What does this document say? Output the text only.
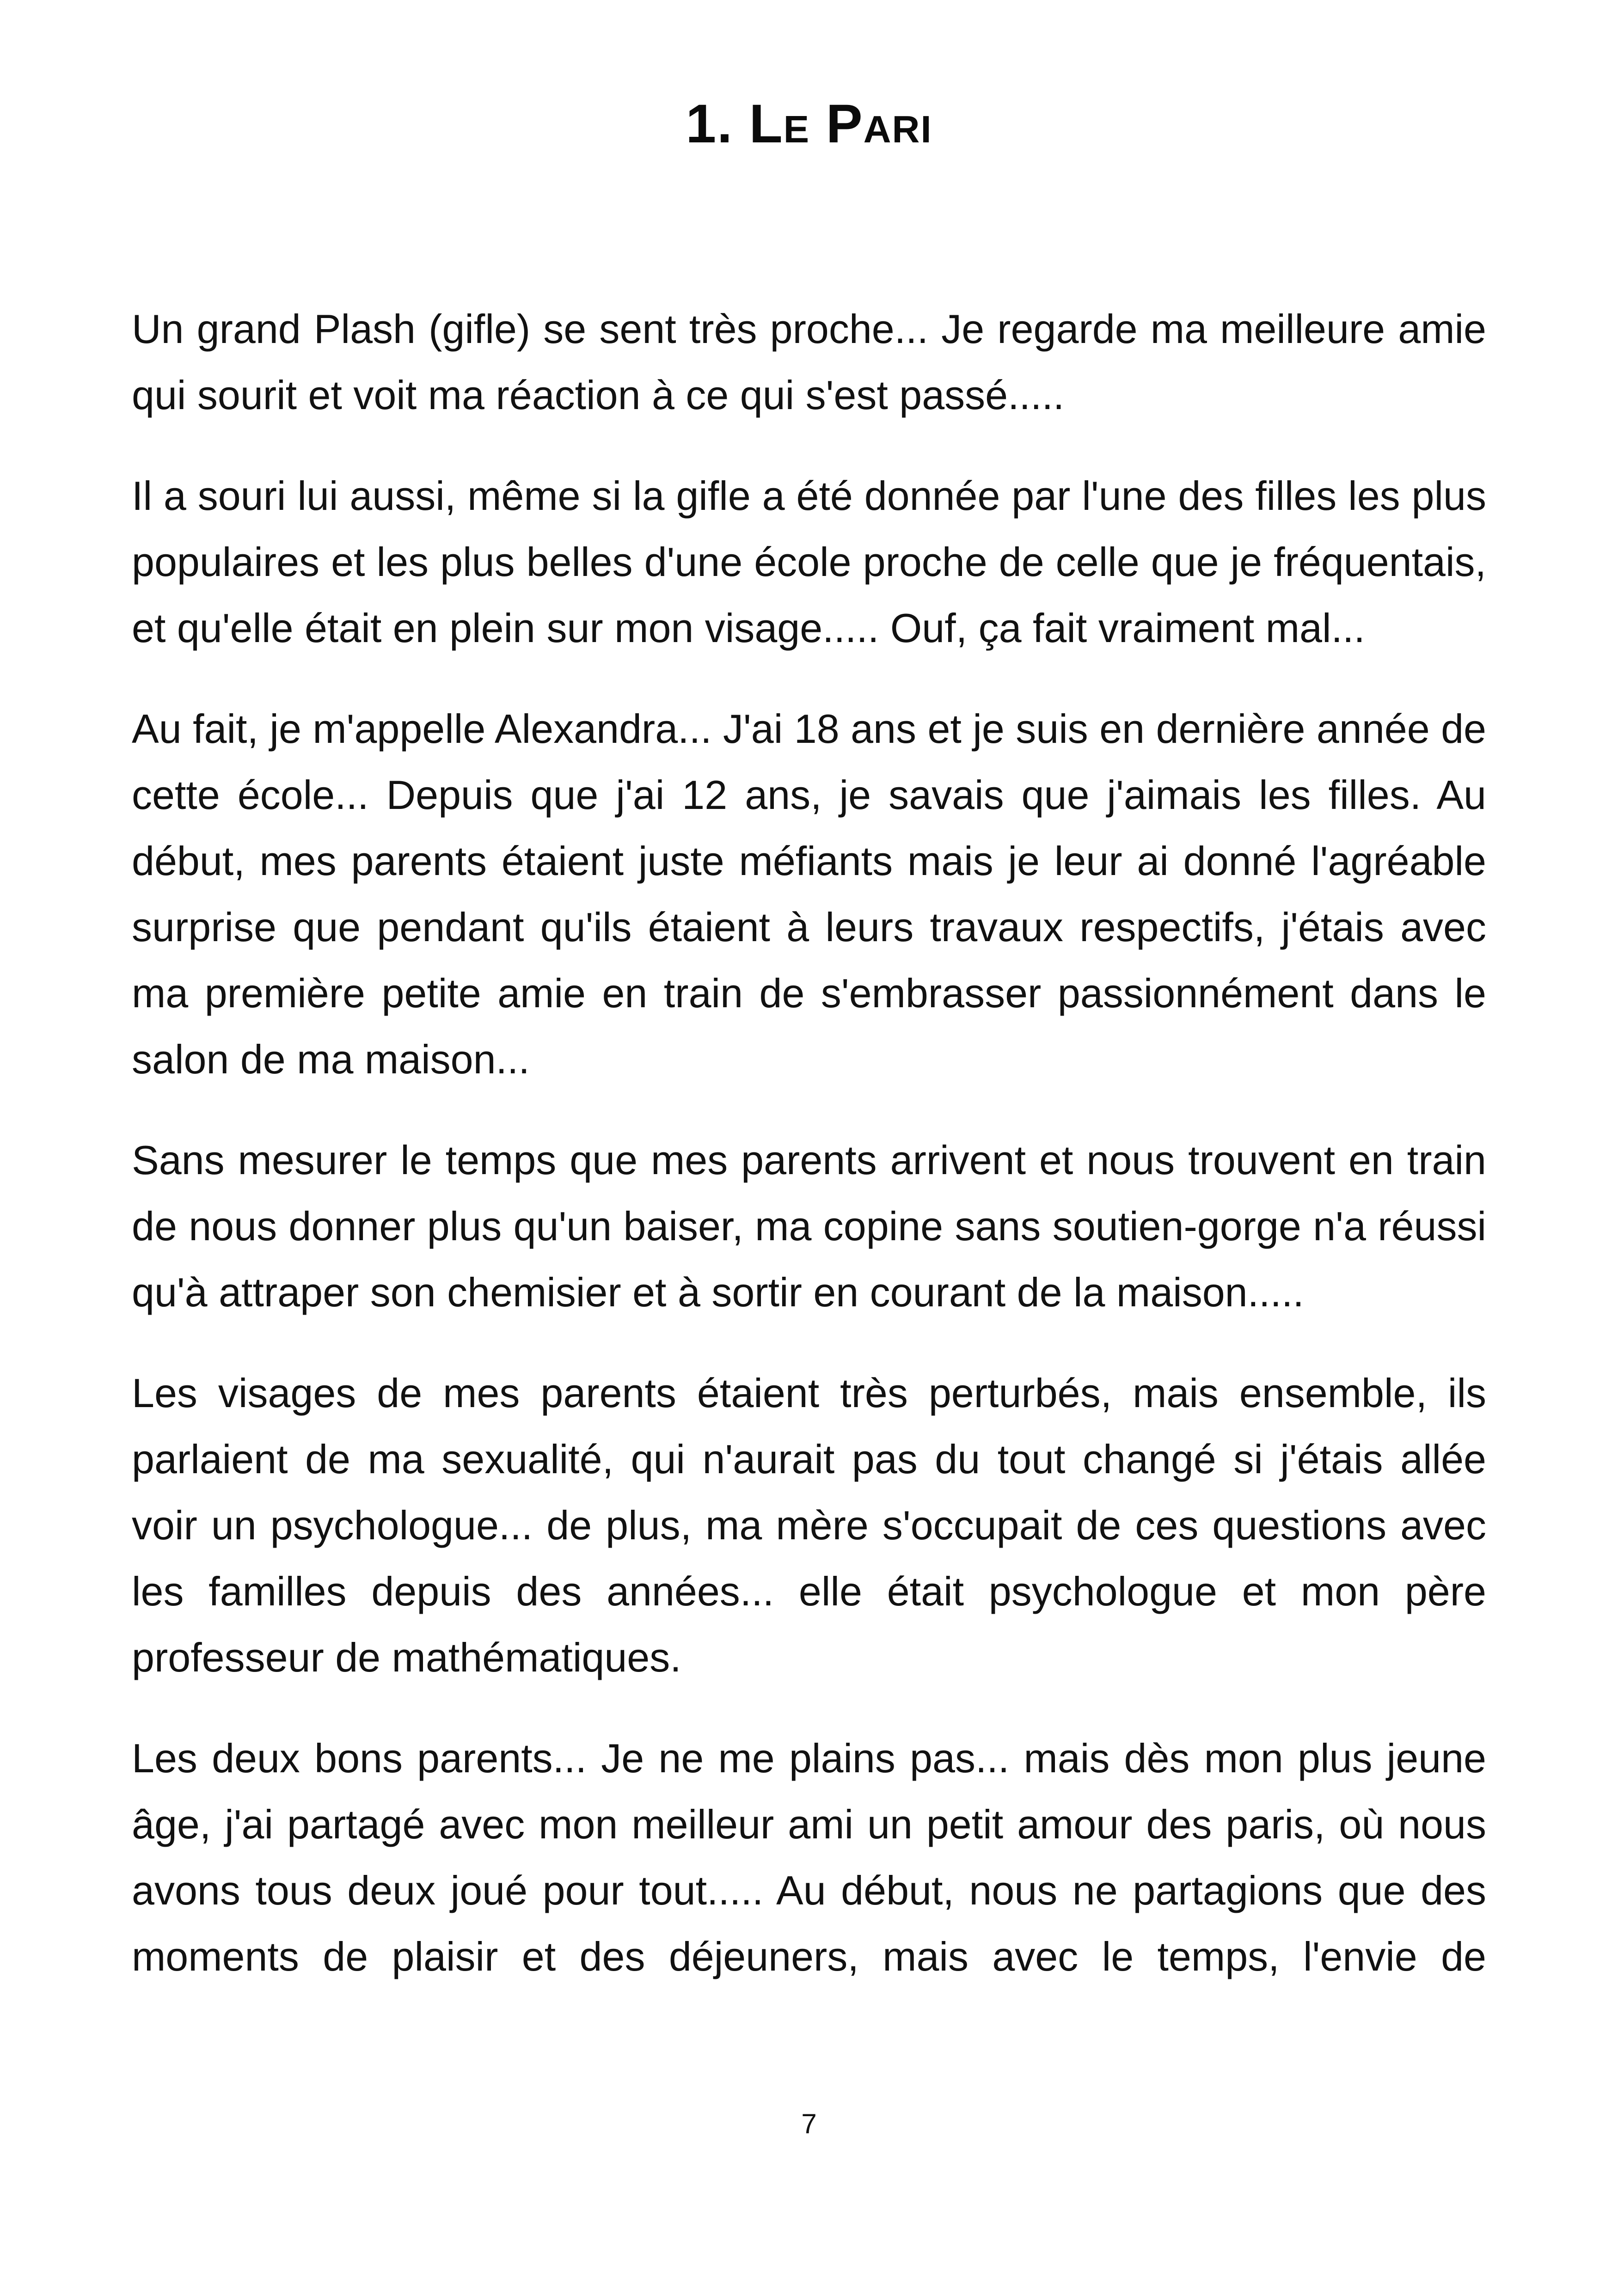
1. Le Pari

Un grand Plash (gifle) se sent très proche... Je regarde ma meilleure amie qui sourit et voit ma réaction à ce qui s'est passé.....

Il a souri lui aussi, même si la gifle a été donnée par l'une des filles les plus populaires et les plus belles d'une école proche de celle que je fréquentais, et qu'elle était en plein sur mon visage..... Ouf, ça fait vraiment mal...

Au fait, je m'appelle Alexandra... J'ai 18 ans et je suis en dernière année de cette école... Depuis que j'ai 12 ans, je savais que j'aimais les filles. Au début, mes parents étaient juste méfiants mais je leur ai donné l'agréable surprise que pendant qu'ils étaient à leurs travaux respectifs, j'étais avec ma première petite amie en train de s'embrasser passionnément dans le salon de ma maison...

Sans mesurer le temps que mes parents arrivent et nous trouvent en train de nous donner plus qu'un baiser, ma copine sans soutien-gorge n'a réussi qu'à attraper son chemisier et à sortir en courant de la maison.....

Les visages de mes parents étaient très perturbés, mais ensemble, ils parlaient de ma sexualité, qui n'aurait pas du tout changé si j'étais allée voir un psychologue... de plus, ma mère s'occupait de ces questions avec les familles depuis des années... elle était psychologue et mon père professeur de mathématiques.

Les deux bons parents... Je ne me plains pas... mais dès mon plus jeune âge, j'ai partagé avec mon meilleur ami un petit amour des paris, où nous avons tous deux joué pour tout..... Au début, nous ne partagions que des moments de plaisir et des déjeuners, mais avec le temps, l'envie de

7
